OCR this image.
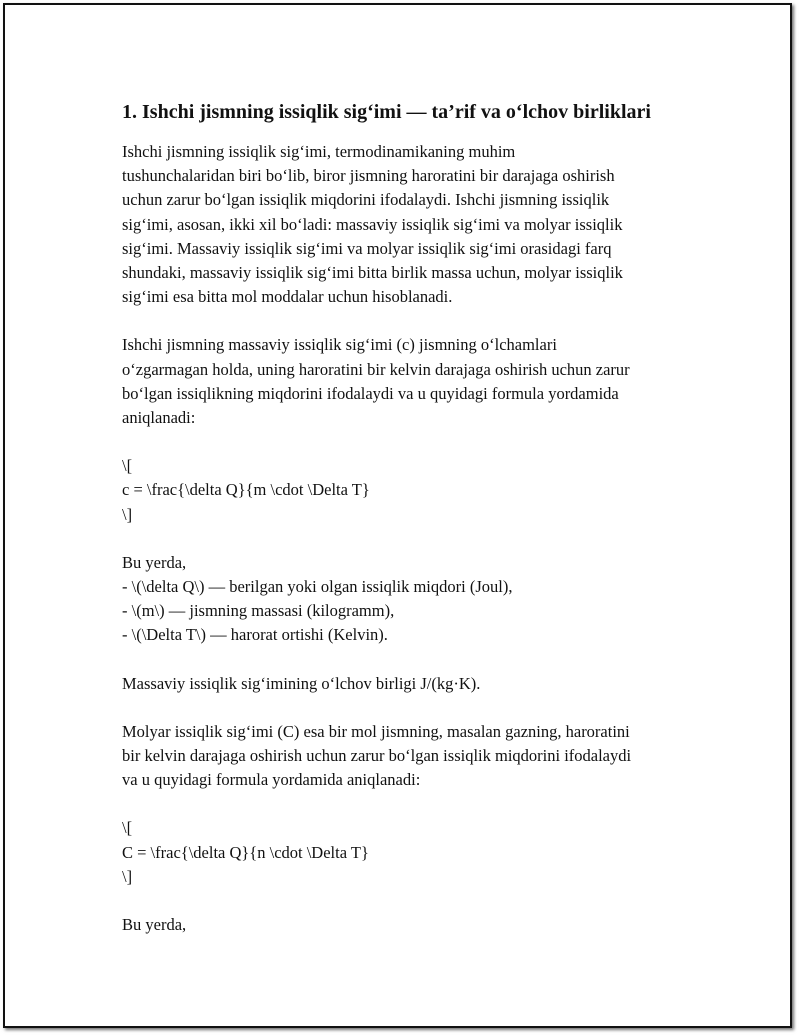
1. Ishchi jismning issiqlik sig‘imi — ta’rif va o‘lchov birliklari

Ishchi jismning issiqlik sig‘imi, termodinamikaning muhim
tushunchalaridan biri bo‘lib, biror jismning haroratini bir darajaga oshirish
uchun zarur bo‘lgan issiqlik miqdorini ifodalaydi. Ishchi jismning issiqlik
sig‘imi, asosan, ikki xil bo‘ladi: massaviy issiqlik sig‘imi va molyar issiqlik
sig‘imi. Massaviy issiqlik sig‘imi va molyar issiqlik sig‘imi orasidagi farq
shundaki, massaviy issiqlik sig‘imi bitta birlik massa uchun, molyar issiqlik
sig‘imi esa bitta mol moddalar uchun hisoblanadi.

Ishchi jismning massaviy issiqlik sig‘imi (c) jismning o‘lchamlari
o‘zgarmagan holda, uning haroratini bir kelvin darajaga oshirish uchun zarur
bo‘lgan issiqlikning miqdorini ifodalaydi va u quyidagi formula yordamida
aniqlanadi:

\[
c = \frac{\delta Q}{m \cdot \Delta T}
\]
Bu yerda,
- \(\delta Q\) — berilgan yoki olgan issiqlik miqdori (Joul),
- \(m\) — jismning massasi (kilogramm),
- \(\Delta T\) — harorat ortishi (Kelvin).

Massaviy issiqlik sig‘imining o‘lchov birligi J/(kg·K).

Molyar issiqlik sig‘imi (C) esa bir mol jismning, masalan gazning, haroratini
bir kelvin darajaga oshirish uchun zarur bo‘lgan issiqlik miqdorini ifodalaydi
va u quyidagi formula yordamida aniqlanadi:

\[
C = \frac{\delta Q}{n \cdot \Delta T}
\]
Bu yerda,
